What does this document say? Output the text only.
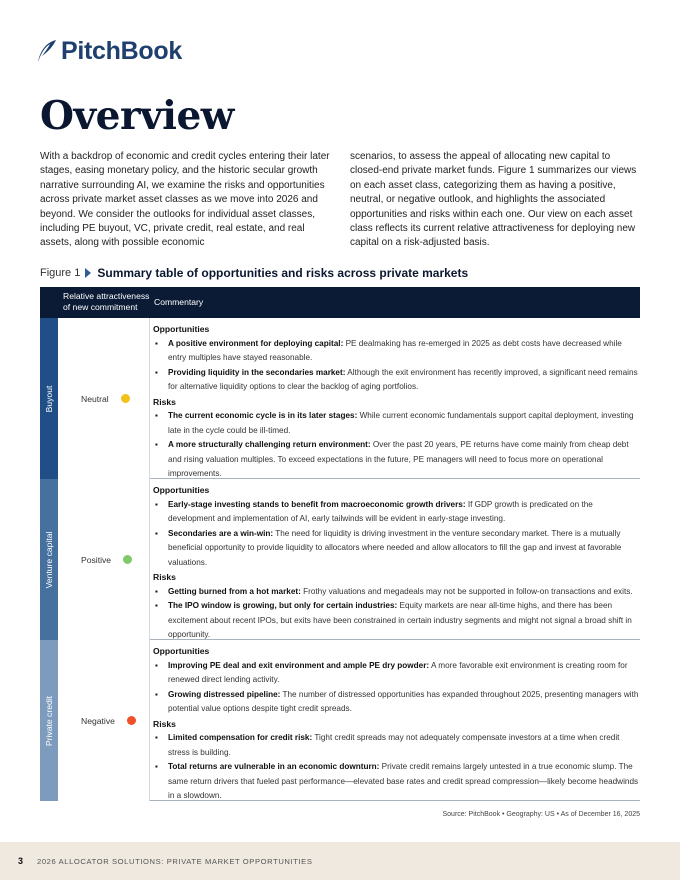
PitchBook
Overview
With a backdrop of economic and credit cycles entering their later stages, easing monetary policy, and the historic secular growth narrative surrounding AI, we examine the risks and opportunities across private market asset classes as we move into 2026 and beyond. We consider the outlooks for individual asset classes, including PE buyout, VC, private credit, real estate, and real assets, along with possible economic
scenarios, to assess the appeal of allocating new capital to closed-end private market funds. Figure 1 summarizes our views on each asset class, categorizing them as having a positive, neutral, or negative outlook, and highlights the associated opportunities and risks within each one. Our view on each asset class reflects its current relative attractiveness for deploying new capital on a risk-adjusted basis.
Figure 1 Summary table of opportunities and risks across private markets
Relative attractiveness of new commitment	Commentary
Buyout	Neutral
Opportunities
▪ A positive environment for deploying capital: PE dealmaking has re-emerged in 2025 as debt costs have decreased while entry multiples have stayed reasonable.
▪ Providing liquidity in the secondaries market: Although the exit environment has recently improved, a significant need remains for alternative liquidity options to clear the backlog of aging portfolios.
Risks
▪ The current economic cycle is in its later stages: While current economic fundamentals support capital deployment, investing late in the cycle could be ill-timed.
▪ A more structurally challenging return environment: Over the past 20 years, PE returns have come mainly from cheap debt and rising valuation multiples. To exceed expectations in the future, PE managers will need to focus more on operational improvements.
Venture capital	Positive
Opportunities
▪ Early-stage investing stands to benefit from macroeconomic growth drivers: If GDP growth is predicated on the development and implementation of AI, early tailwinds will be evident in early-stage investing.
▪ Secondaries are a win-win: The need for liquidity is driving investment in the venture secondary market. There is a mutually beneficial opportunity to provide liquidity to allocators where needed and allow allocators to fill the gap and invest at favorable valuations.
Risks
▪ Getting burned from a hot market: Frothy valuations and megadeals may not be supported in follow-on transactions and exits.
▪ The IPO window is growing, but only for certain industries: Equity markets are near all-time highs, and there has been excitement about recent IPOs, but exits have been constrained in certain industry segments and might not signal a broad shift in opportunity.
Private credit	Negative
Opportunities
▪ Improving PE deal and exit environment and ample PE dry powder: A more favorable exit environment is creating room for renewed direct lending activity.
▪ Growing distressed pipeline: The number of distressed opportunities has expanded throughout 2025, presenting managers with potential value options despite tight credit spreads.
Risks
▪ Limited compensation for credit risk: Tight credit spreads may not adequately compensate investors at a time when credit stress is building.
▪ Total returns are vulnerable in an economic downturn: Private credit remains largely untested in a true economic slump. The same return drivers that fueled past performance—elevated base rates and credit spread compression—likely become headwinds in a slowdown.
Source: PitchBook • Geography: US • As of December 16, 2025
3 2026 ALLOCATOR SOLUTIONS: PRIVATE MARKET OPPORTUNITIES
